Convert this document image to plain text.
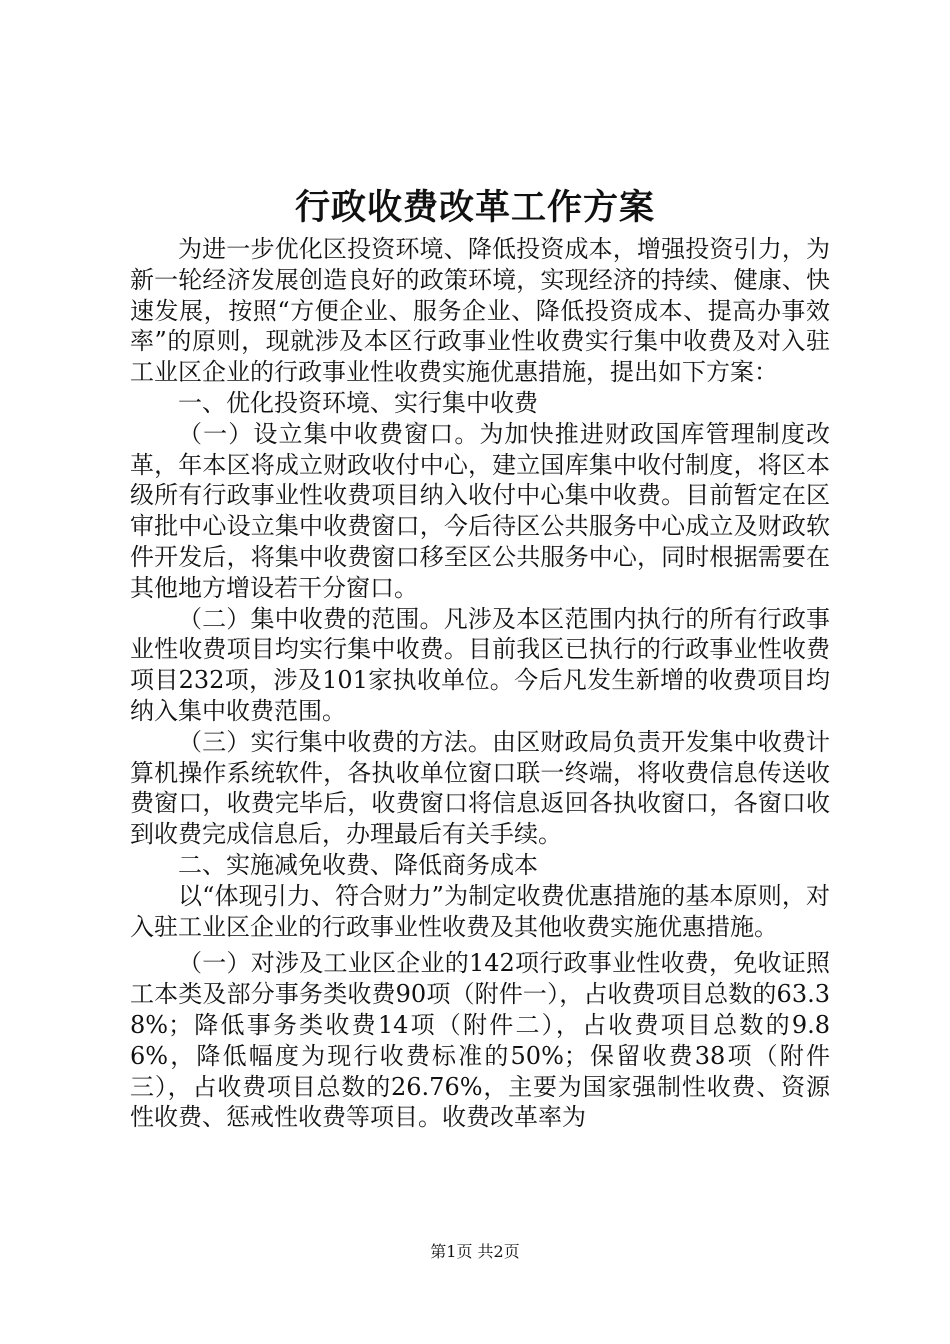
行政收费改革工作方案

为进一步优化区投资环境、降低投资成本，增强投资引力，为新一轮经济发展创造良好的政策环境，实现经济的持续、健康、快速发展，按照“方便企业、服务企业、降低投资成本、提高办事效率”的原则，现就涉及本区行政事业性收费实行集中收费及对入驻工业区企业的行政事业性收费实施优惠措施，提出如下方案：

一、优化投资环境、实行集中收费

（一）设立集中收费窗口。为加快推进财政国库管理制度改革，年本区将成立财政收付中心，建立国库集中收付制度，将区本级所有行政事业性收费项目纳入收付中心集中收费。目前暂定在区审批中心设立集中收费窗口，今后待区公共服务中心成立及财政软件开发后，将集中收费窗口移至区公共服务中心，同时根据需要在其他地方增设若干分窗口。

（二）集中收费的范围。凡涉及本区范围内执行的所有行政事业性收费项目均实行集中收费。目前我区已执行的行政事业性收费项目232项，涉及101家执收单位。今后凡发生新增的收费项目均纳入集中收费范围。

（三）实行集中收费的方法。由区财政局负责开发集中收费计算机操作系统软件，各执收单位窗口联一终端，将收费信息传送收费窗口，收费完毕后，收费窗口将信息返回各执收窗口，各窗口收到收费完成信息后，办理最后有关手续。

二、实施减免收费、降低商务成本

以“体现引力、符合财力”为制定收费优惠措施的基本原则，对入驻工业区企业的行政事业性收费及其他收费实施优惠措施。

（一）对涉及工业区企业的142项行政事业性收费，免收证照工本类及部分事务类收费90项（附件一），占收费项目总数的63.38%；降低事务类收费14项（附件二），占收费项目总数的9.86%，降低幅度为现行收费标准的50%；保留收费38项（附件三），占收费项目总数的26.76%，主要为国家强制性收费、资源性收费、惩戒性收费等项目。收费改革率为

第1页 共2页
